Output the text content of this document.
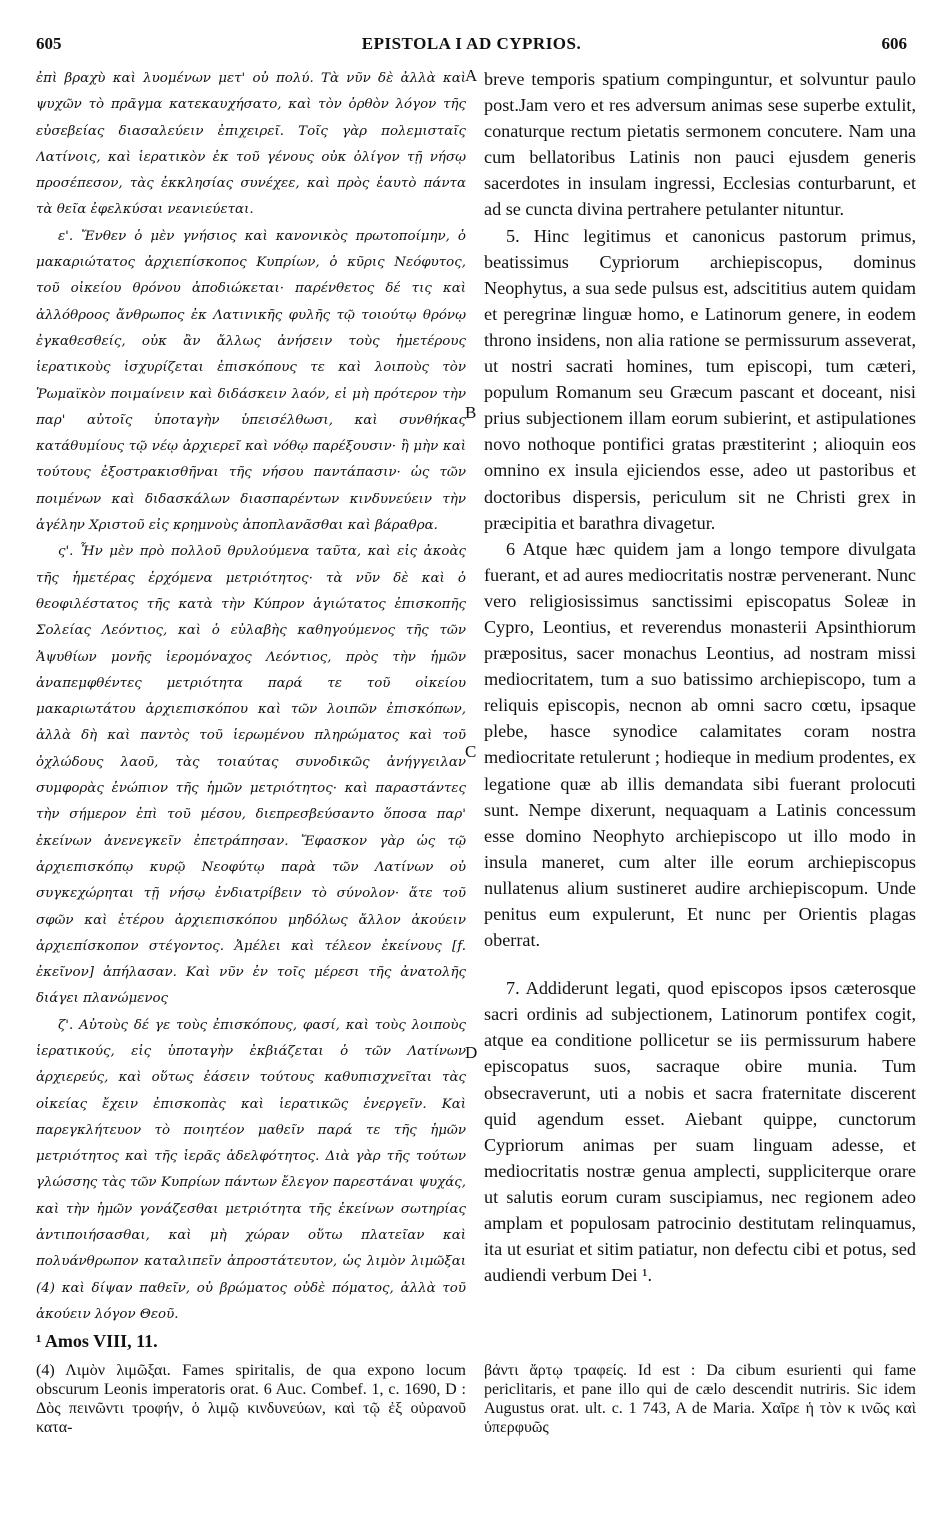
605	EPISTOLA I AD CYPRIOS.	606

ἐπὶ βραχὺ καὶ λυομένων μετ' οὐ πολύ. Τὰ νῦν δὲ ἀλλὰ καὶ ψυχῶν τὸ πρᾶγμα κατεκαυχήσατο, καὶ τὸν ὀρθὸν λόγον τῆς εὐσεβείας διασαλεύειν ἐπιχειρεῖ. Τοῖς γὰρ πολεμισταῖς Λατίνοις, καὶ ἱερατικὸν ἐκ τοῦ γένους οὐκ ὀλίγον τῇ νήσῳ προσέπεσον, τὰς ἐκκλησίας συνέχεε, καὶ πρὸς ἑαυτὸ πάντα τὰ θεῖα ἐφελκύσαι νεανιεύεται.

ε'. Ἔνθεν ὁ μὲν γνήσιος καὶ κανονικὸς πρωτοποίμην, ὁ μακαριώτατος ἀρχιεπίσκοπος Κυπρίων, ὁ κῦρις Νεόφυτος, τοῦ οἰκείου θρόνου ἀποδιώκεται· παρένθετος δέ τις καὶ ἀλλόθροος ἄνθρωπος ἐκ Λατινικῆς φυλῆς τῷ τοιούτῳ θρόνῳ ἐγκαθεσθείς, οὐκ ἂν ἄλλως ἀνήσειν τοὺς ἡμετέρους ἱερατικοὺς ἰσχυρίζεται ἐπισκόπους τε καὶ λοιποὺς τὸν Ῥωμαϊκὸν ποιμαίνειν καὶ διδάσκειν λαόν, εἰ μὴ πρότερον τὴν παρ' αὐτοῖς ὑποταγὴν ὑπεισέλθωσι, καὶ συνθήκας κατάθυμίους τῷ νέῳ ἀρχιερεῖ καὶ νόθῳ παρέξουσιν· ἢ μὴν καὶ τούτους ἐξοστρακισθῆναι τῆς νήσου παντάπασιν· ὡς τῶν ποιμένων καὶ διδασκάλων διασπαρέντων κινδυνεύειν τὴν ἀγέλην Χριστοῦ εἰς κρημνοὺς ἀποπλανᾶσθαι καὶ βάραθρα.

ς'. Ἦν μὲν πρὸ πολλοῦ θρυλούμενα ταῦτα, καὶ εἰς ἀκοὰς τῆς ἡμετέρας ἐρχόμενα μετριότητος· τὰ νῦν δὲ καὶ ὁ θεοφιλέστατος τῆς κατὰ τὴν Κύπρον ἁγιώτατος ἐπισκοπῆς Σολείας Λεόντιος, καὶ ὁ εὐλαβὴς καθηγούμενος τῆς τῶν Ἀψυθίων μονῆς ἱερομόναχος Λεόντιος, πρὸς τὴν ἡμῶν ἀναπεμφθέντες μετριότητα παρά τε τοῦ οἰκείου μακαριωτάτου ἀρχιεπισκόπου καὶ τῶν λοιπῶν ἐπισκόπων, ἀλλὰ δὴ καὶ παντὸς τοῦ ἱερωμένου πληρώματος καὶ τοῦ ὀχλώδους λαοῦ, τὰς τοιαύτας συνοδικῶς ἀνήγγειλαν συμφορὰς ἐνώπιον τῆς ἡμῶν μετριότητος· καὶ παραστάντες τὴν σήμερον ἐπὶ τοῦ μέσου, διεπρεσβεύσαντο ὅποσα παρ' ἐκείνων ἀνενεγκεῖν ἐπετράπησαν. Ἔφασκον γὰρ ὡς τῷ ἀρχιεπισκόπῳ κυρῷ Νεοφύτῳ παρὰ τῶν Λατίνων οὐ συγκεχώρηται τῇ νήσῳ ἐνδιατρίβειν τὸ σύνολον· ἅτε τοῦ σφῶν καὶ ἑτέρου ἀρχιεπισκόπου μηδόλως ἄλλον ἀκούειν ἀρχιεπίσκοπον στέγοντος. Ἀμέλει καὶ τέλεον ἐκείνους [f. ἐκεῖνον] ἀπήλασαν. Καὶ νῦν ἐν τοῖς μέρεσι τῆς ἀνατολῆς διάγει πλανώμενος

ζ'. Αὐτοὺς δέ γε τοὺς ἐπισκόπους, φασί, καὶ τοὺς λοιποὺς ἱερατικούς, εἰς ὑποταγὴν ἐκβιάζεται ὁ τῶν Λατίνων ἀρχιερεύς, καὶ οὕτως ἐάσειν τούτους καθυπισχνεῖται τὰς οἰκείας ἔχειν ἐπισκοπὰς καὶ ἱερατικῶς ἐνεργεῖν. Καὶ παρεγκλήτευον τὸ ποιητέον μαθεῖν παρά τε τῆς ἡμῶν μετριότητος καὶ τῆς ἱερᾶς ἀδελφότητος. Διὰ γὰρ τῆς τούτων γλώσσης τὰς τῶν Κυπρίων πάντων ἔλεγον παρεστάναι ψυχάς, καὶ τὴν ἡμῶν γονάζεσθαι μετριότητα τῆς ἐκείνων σωτηρίας ἀντιποιήσασθαι, καὶ μὴ χώραν οὕτω πλατεῖαν καὶ πολυάνθρωπον καταλιπεῖν ἀπροστάτευτον, ὡς λιμὸν λιμῶξαι (4) καὶ δίψαν παθεῖν, οὐ βρώματος οὐδὲ πόματος, ἀλλὰ τοῦ ἀκούειν λόγον Θεοῦ.

A
B
C
D

breve temporis spatium compinguntur, et solvuntur paulo post.Jam vero et res adversum animas sese superbe extulit, conaturque rectum pietatis sermonem concutere. Nam una cum bellatoribus Latinis non pauci ejusdem generis sacerdotes in insulam ingressi, Ecclesias conturbarunt, et ad se cuncta divina pertrahere petulanter nituntur.

5. Hinc legitimus et canonicus pastorum primus, beatissimus Cypriorum archiepiscopus, dominus Neophytus, a sua sede pulsus est, adscititius autem quidam et peregrinæ linguæ homo, e Latinorum genere, in eodem throno insidens, non alia ratione se permissurum asseverat, ut nostri sacrati homines, tum episcopi, tum cæteri, populum Romanum seu Græcum pascant et doceant, nisi prius subjectionem illam eorum subierint, et astipulationes novo nothoque pontifici gratas præstiterint ; alioquin eos omnino ex insula ejiciendos esse, adeo ut pastoribus et doctoribus dispersis, periculum sit ne Christi grex in præcipitia et barathra divagetur.

6 Atque hæc quidem jam a longo tempore divulgata fuerant, et ad aures mediocritatis nostræ pervenerant. Nunc vero religiosissimus sanctissimi episcopatus Soleæ in Cypro, Leontius, et reverendus monasterii Apsinthiorum præpositus, sacer monachus Leontius, ad nostram missi mediocritatem, tum a suo batissimo archiepiscopo, tum a reliquis episcopis, necnon ab omni sacro cœtu, ipsaque plebe, hasce synodice calamitates coram nostra mediocritate retulerunt ; hodieque in medium prodentes, ex legatione quæ ab illis demandata sibi fuerant prolocuti sunt. Nempe dixerunt, nequaquam a Latinis concessum esse domino Neophyto archiepiscopo ut illo modo in insula maneret, cum alter ille eorum archiepiscopus nullatenus alium sustineret audire archiepiscopum. Unde penitus eum expulerunt, Et nunc per Orientis plagas oberrat.

7. Addiderunt legati, quod episcopos ipsos cæterosque sacri ordinis ad subjectionem, Latinorum pontifex cogit, atque ea conditione pollicetur se iis permissurum habere episcopatus suos, sacraque obire munia. Tum obsecraverunt, uti a nobis et sacra fraternitate discerent quid agendum esset. Aiebant quippe, cunctorum Cypriorum animas per suam linguam adesse, et mediocritatis nostræ genua amplecti, suppliciterque orare ut salutis eorum curam suscipiamus, nec regionem adeo amplam et populosam patrocinio destitutam relinquamus, ita ut esuriat et sitim patiatur, non defectu cibi et potus, sed audiendi verbum Dei ¹.

¹ Amos VIII, 11.

(4) Λιμὸν λιμῶξαι. Fames spiritalis, de qua expono locum obscurum Leonis imperatoris orat. 6 Auc. Combef. 1, c. 1690, D : Δὸς πεινῶντι τροφήν, ὁ λιμῷ κινδυνεύων, καὶ τῷ ἐξ οὐρανοῦ κατα-

βάντι ἄρτῳ τραφείς. Id est : Da cibum esurienti qui fame periclitaris, et pane illo qui de cælo descendit nutriris. Sic idem Augustus orat. ult. c. 1 743, A de Maria. Χαῖρε ἡ τὸν κ ινῶς καὶ ὑπερφυῶς
